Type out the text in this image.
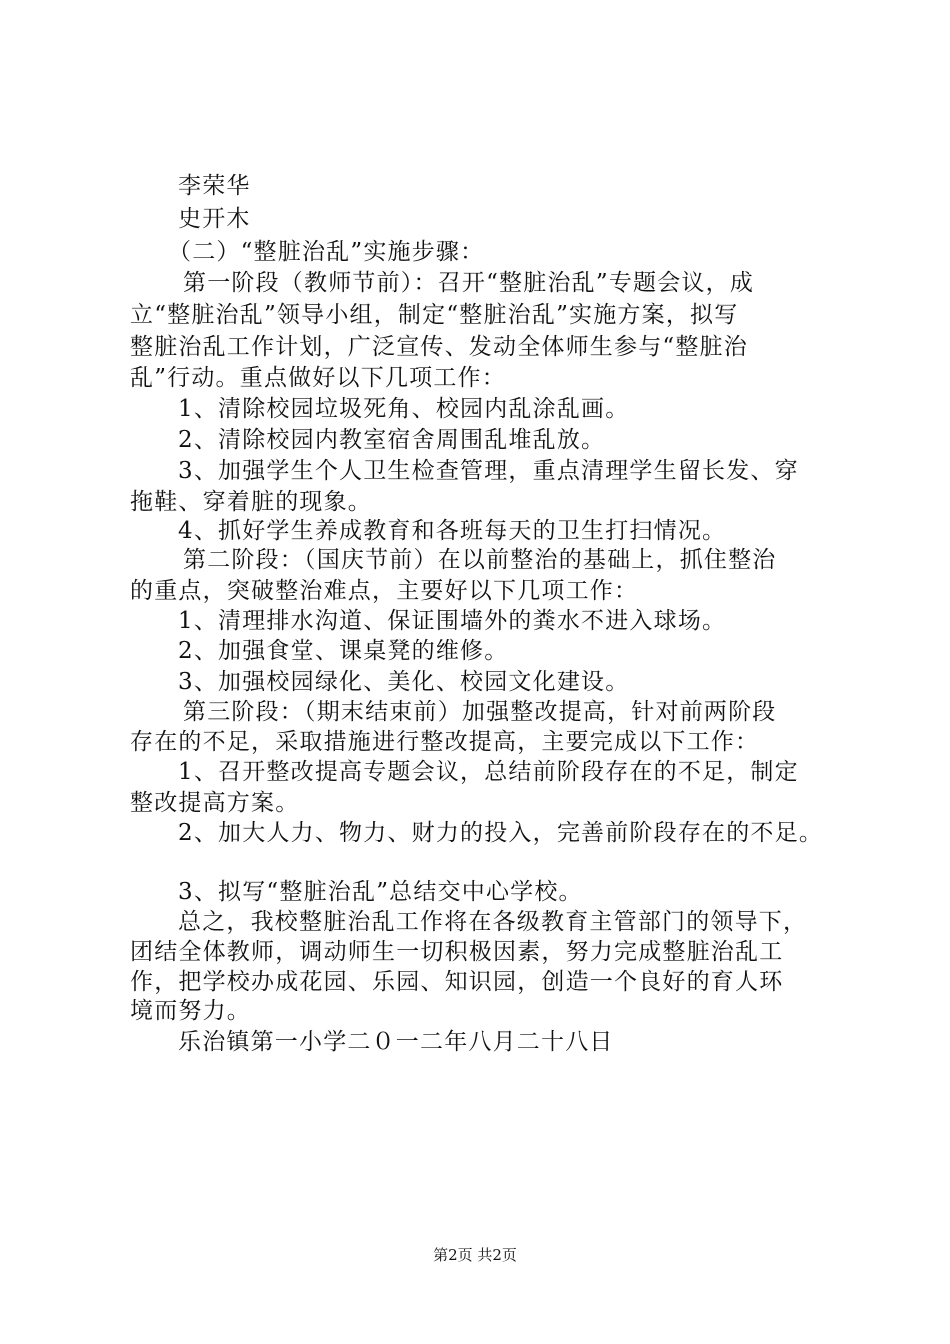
李荣华
史开木
（二）“整脏治乱”实施步骤：
第一阶段（教师节前）：召开“整脏治乱”专题会议，成
立“整脏治乱”领导小组，制定“整脏治乱”实施方案，拟写
整脏治乱工作计划，广泛宣传、发动全体师生参与“整脏治
乱”行动。重点做好以下几项工作：
1、清除校园垃圾死角、校园内乱涂乱画。
2、清除校园内教室宿舍周围乱堆乱放。
3、加强学生个人卫生检查管理，重点清理学生留长发、穿
拖鞋、穿着脏的现象。
4、抓好学生养成教育和各班每天的卫生打扫情况。
第二阶段：（国庆节前）在以前整治的基础上，抓住整治
的重点，突破整治难点，主要好以下几项工作：
1、清理排水沟道、保证围墙外的粪水不进入球场。
2、加强食堂、课桌凳的维修。
3、加强校园绿化、美化、校园文化建设。
第三阶段：（期末结束前）加强整改提高，针对前两阶段
存在的不足，采取措施进行整改提高，主要完成以下工作：
1、召开整改提高专题会议，总结前阶段存在的不足，制定
整改提高方案。
2、加大人力、物力、财力的投入，完善前阶段存在的不足。
3、拟写“整脏治乱”总结交中心学校。
总之，我校整脏治乱工作将在各级教育主管部门的领导下，
团结全体教师，调动师生一切积极因素，努力完成整脏治乱工
作，把学校办成花园、乐园、知识园，创造一个良好的育人环
境而努力。
乐治镇第一小学二０一二年八月二十八日
第2页 共2页
